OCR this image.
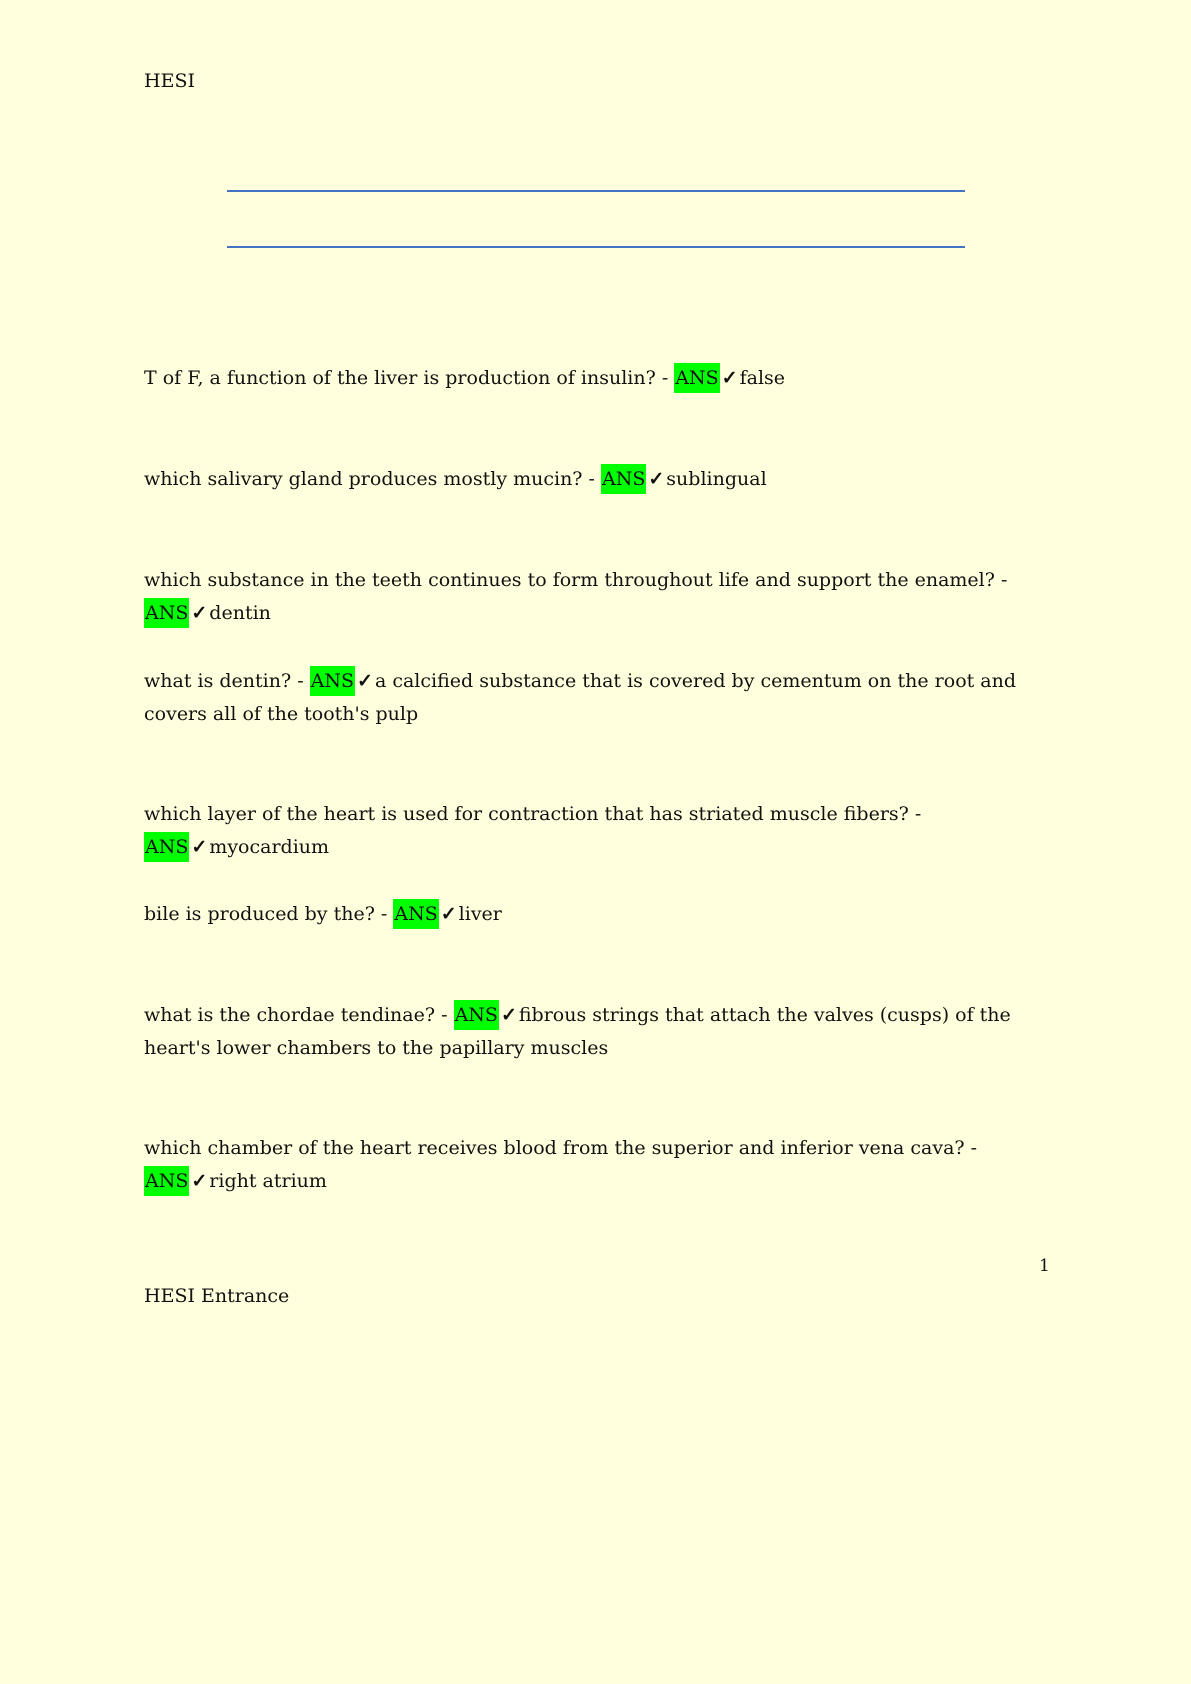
HESI
T of F, a function of the liver is production of insulin? - ANS ✓ false
which salivary gland produces mostly mucin? - ANS ✓ sublingual
which substance in the teeth continues to form throughout life and support the enamel? - ANS ✓ dentin
what is dentin? - ANS ✓ a calcified substance that is covered by cementum on the root and covers all of the tooth's pulp
which layer of the heart is used for contraction that has striated muscle fibers? - ANS ✓ myocardium
bile is produced by the? - ANS ✓ liver
what is the chordae tendinae? - ANS ✓ fibrous strings that attach the valves (cusps) of the heart's lower chambers to the papillary muscles
which chamber of the heart receives blood from the superior and inferior vena cava? - ANS ✓ right atrium
1
HESI Entrance
